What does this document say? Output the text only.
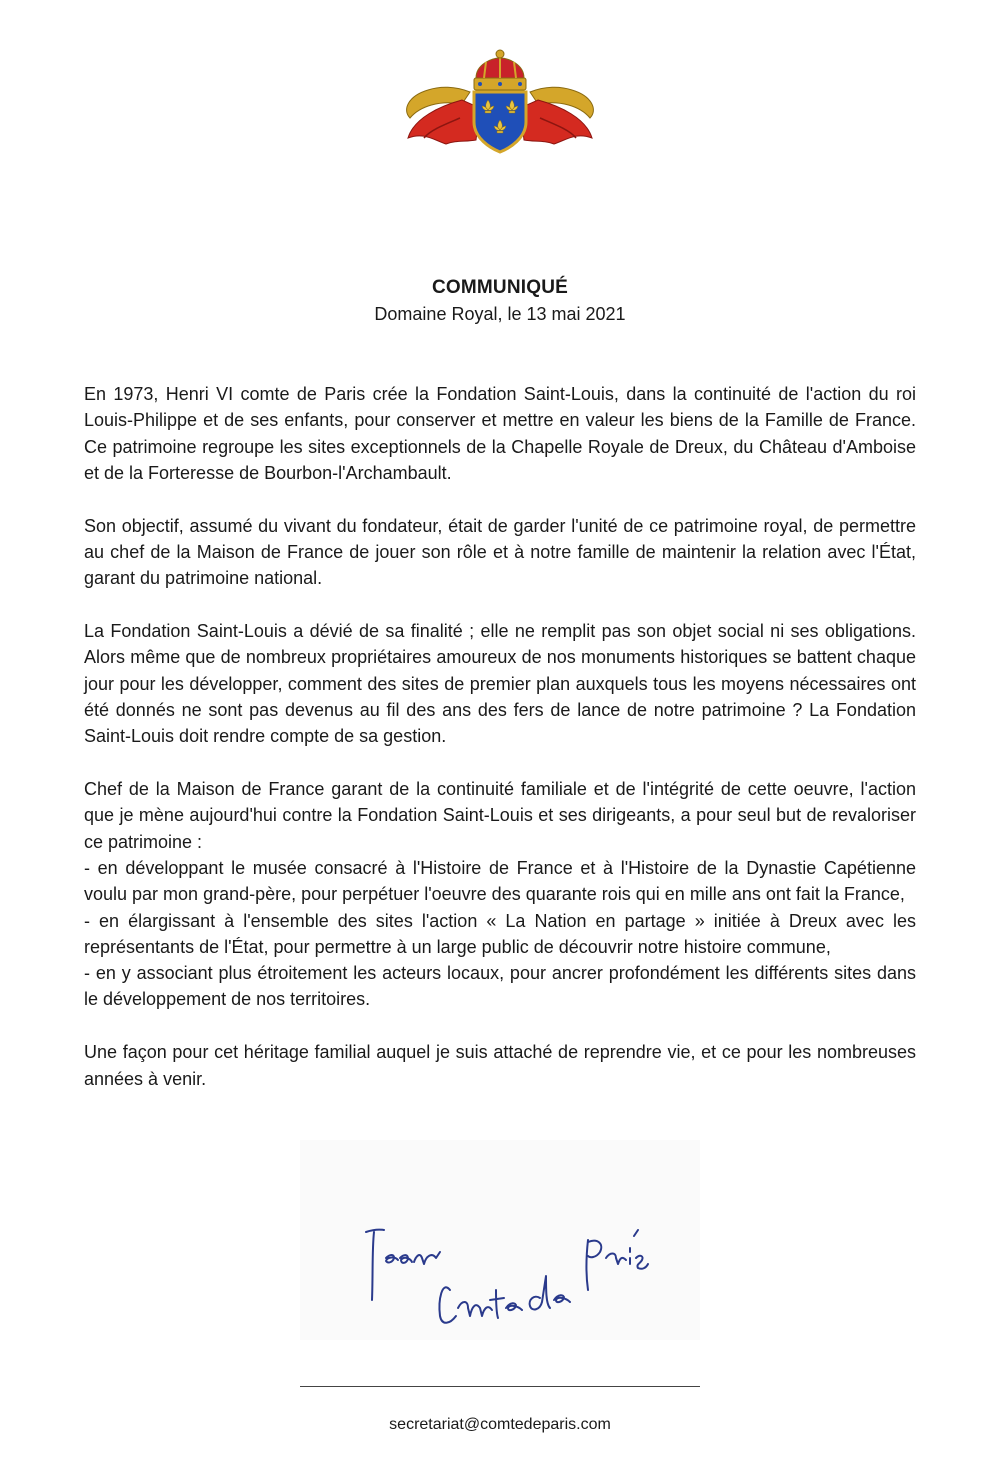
COMMUNIQUÉ
Domaine Royal, le 13 mai 2021

En 1973, Henri VI comte de Paris crée la Fondation Saint-Louis, dans la continuité de l'action du roi Louis-Philippe et de ses enfants, pour conserver et mettre en valeur les biens de la Famille de France. Ce patrimoine regroupe les sites exceptionnels de la Chapelle Royale de Dreux, du Château d'Amboise et de la Forteresse de Bourbon-l'Archambault.

Son objectif, assumé du vivant du fondateur, était de garder l'unité de ce patrimoine royal, de permettre au chef de la Maison de France de jouer son rôle et à notre famille de maintenir la relation avec l'État, garant du patrimoine national.

La Fondation Saint-Louis a dévié de sa finalité ; elle ne remplit pas son objet social ni ses obligations. Alors même que de nombreux propriétaires amoureux de nos monuments historiques se battent chaque jour pour les développer, comment des sites de premier plan auxquels tous les moyens nécessaires ont été donnés ne sont pas devenus au fil des ans des fers de lance de notre patrimoine ? La Fondation Saint-Louis doit rendre compte de sa gestion.

Chef de la Maison de France garant de la continuité familiale et de l'intégrité de cette oeuvre, l'action que je mène aujourd'hui contre la Fondation Saint-Louis et ses dirigeants, a pour seul but de revaloriser ce patrimoine :
- en développant le musée consacré à l'Histoire de France et à l'Histoire de la Dynastie Capétienne voulu par mon grand-père, pour perpétuer l'oeuvre des quarante rois qui en mille ans ont fait la France,
- en élargissant à l'ensemble des sites l'action « La Nation en partage » initiée à Dreux avec les représentants de l'État, pour permettre à un large public de découvrir notre histoire commune,

- en y associant plus étroitement les acteurs locaux, pour ancrer profondément les différents sites dans le développement de nos territoires.

Une façon pour cet héritage familial auquel je suis attaché de reprendre vie, et ce pour les nombreuses années à venir.

secretariat@comtedeparis.com
